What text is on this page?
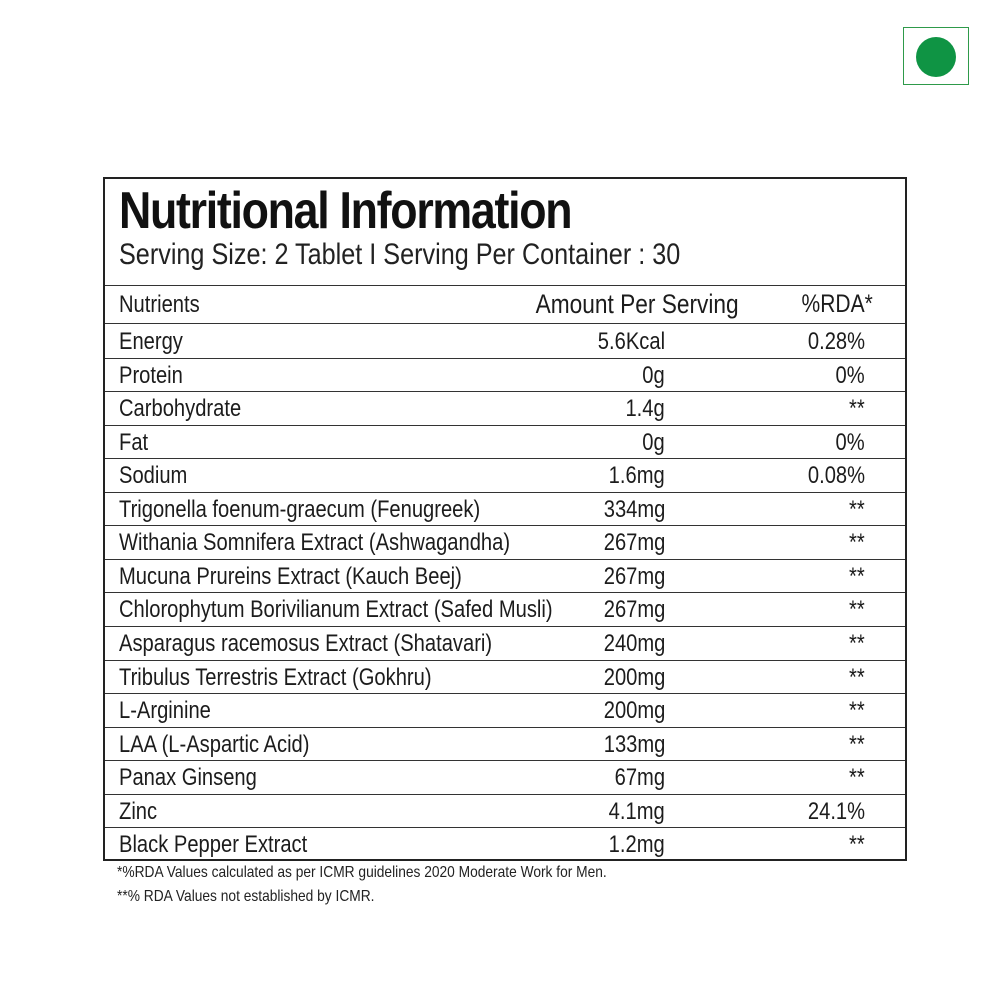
Nutritional Information
Serving Size: 2 Tablet I Serving Per Container : 30
Nutrients	Amount Per Serving	%RDA*
Energy	5.6Kcal	0.28%
Protein	0g	0%
Carbohydrate	1.4g	**
Fat	0g	0%
Sodium	1.6mg	0.08%
Trigonella foenum-graecum (Fenugreek)	334mg	**
Withania Somnifera Extract (Ashwagandha)	267mg	**
Mucuna Prureins Extract (Kauch Beej)	267mg	**
Chlorophytum Borivilianum Extract (Safed Musli) 267mg	**
Asparagus racemosus Extract (Shatavari)	240mg	**
Tribulus Terrestris Extract (Gokhru)	200mg	**
L-Arginine	200mg	**
LAA (L-Aspartic Acid)	133mg	**
Panax Ginseng	67mg	**
Zinc	4.1mg	24.1%
Black Pepper Extract	1.2mg	**
*%RDA Values calculated as per ICMR guidelines 2020 Moderate Work for Men.
**% RDA Values not established by ICMR.
